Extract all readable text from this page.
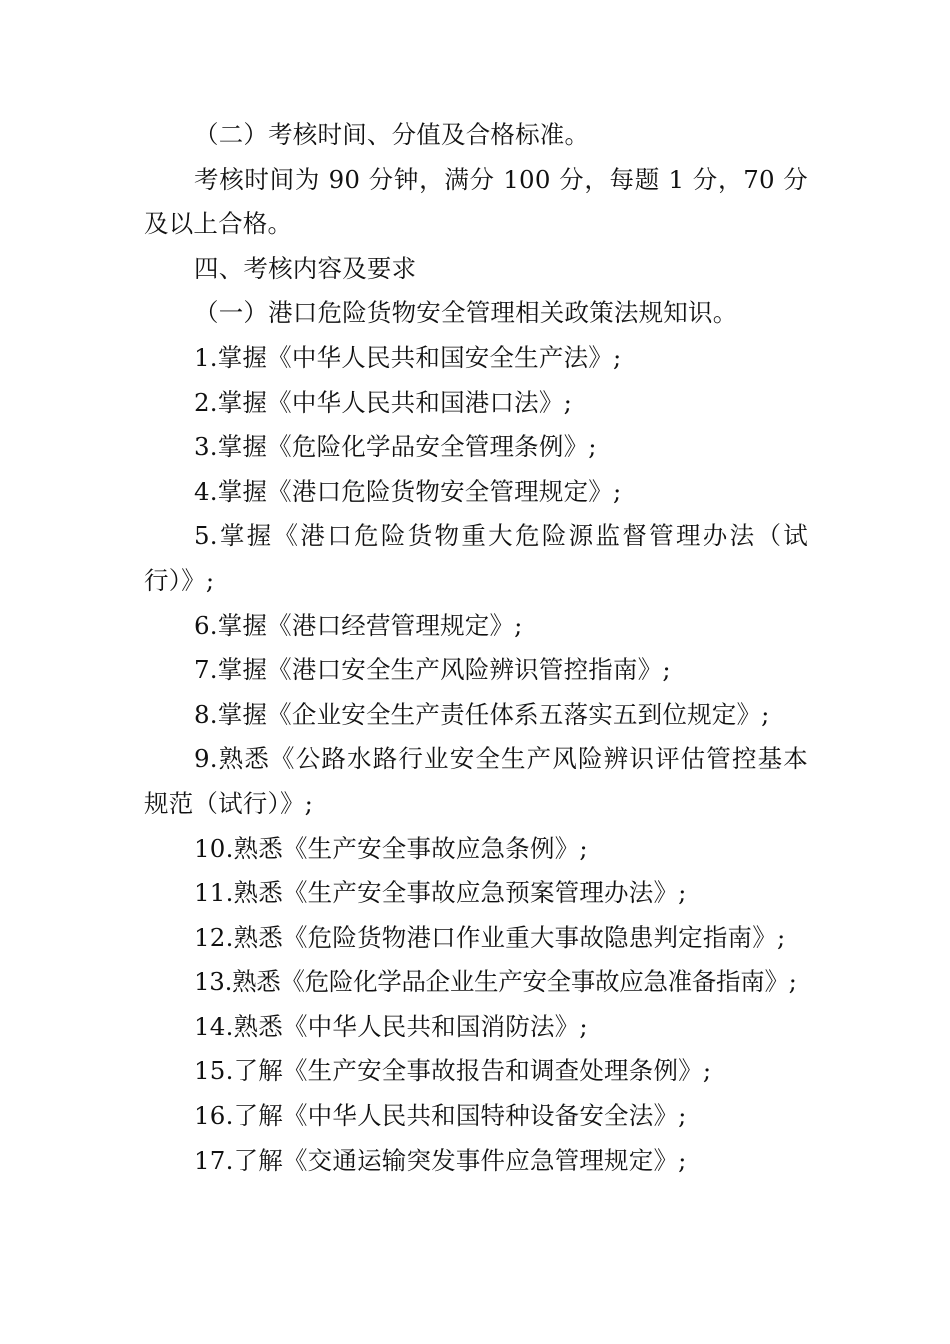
（二）考核时间、分值及合格标准。

考核时间为 90 分钟，满分 100 分，每题 1 分，70 分及以上合格。

四、考核内容及要求

（一）港口危险货物安全管理相关政策法规知识。

1.掌握《中华人民共和国安全生产法》;

2.掌握《中华人民共和国港口法》;

3.掌握《危险化学品安全管理条例》;

4.掌握《港口危险货物安全管理规定》;

5.掌握《港口危险货物重大危险源监督管理办法（试行）》;

6.掌握《港口经营管理规定》;

7.掌握《港口安全生产风险辨识管控指南》;

8.掌握《企业安全生产责任体系五落实五到位规定》;

9.熟悉《公路水路行业安全生产风险辨识评估管控基本规范（试行）》;

10.熟悉《生产安全事故应急条例》;

11.熟悉《生产安全事故应急预案管理办法》;

12.熟悉《危险货物港口作业重大事故隐患判定指南》;

13.熟悉《危险化学品企业生产安全事故应急准备指南》;

14.熟悉《中华人民共和国消防法》;

15.了解《生产安全事故报告和调查处理条例》;

16.了解《中华人民共和国特种设备安全法》;

17.了解《交通运输突发事件应急管理规定》;
